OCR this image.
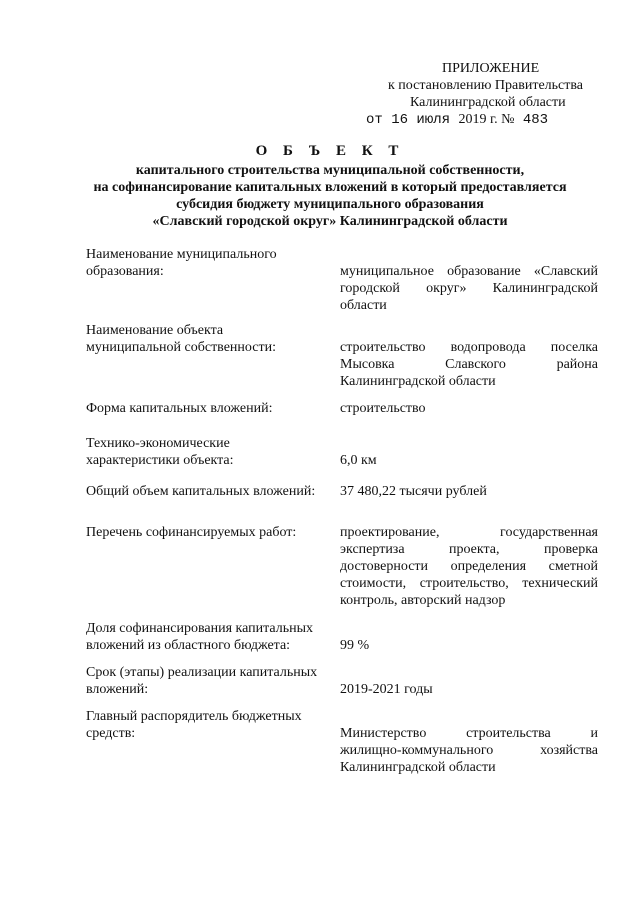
ПРИЛОЖЕНИЕ
к постановлению Правительства
Калининградской области
от 16 июля 2019 г. № 483
О Б Ъ Е К Т
капитального строительства муниципальной собственности,
на софинансирование капитальных вложений в который предоставляется
субсидия бюджету муниципального образования
«Славский городской округ» Калининградской области
Наименование муниципального
образования:	муниципальное образование «Славский
городской округ» Калининградской
области
Наименование объекта
муниципальной собственности:	строительство водопровода поселка
Мысовка Славского района
Калининградской области
Форма капитальных вложений:	строительство
Технико-экономические
характеристики объекта:	6,0 км
Общий объем капитальных вложений:	37 480,22 тысячи рублей
Перечень софинансируемых работ:	проектирование, государственная
экспертиза проекта, проверка
достоверности определения сметной
стоимости, строительство, технический
контроль, авторский надзор
Доля софинансирования капитальных
вложений из областного бюджета:	99 %
Срок (этапы) реализации капитальных
вложений:	2019-2021 годы
Главный распорядитель бюджетных
средств:	Министерство строительства и
жилищно-коммунального хозяйства
Калининградской области
